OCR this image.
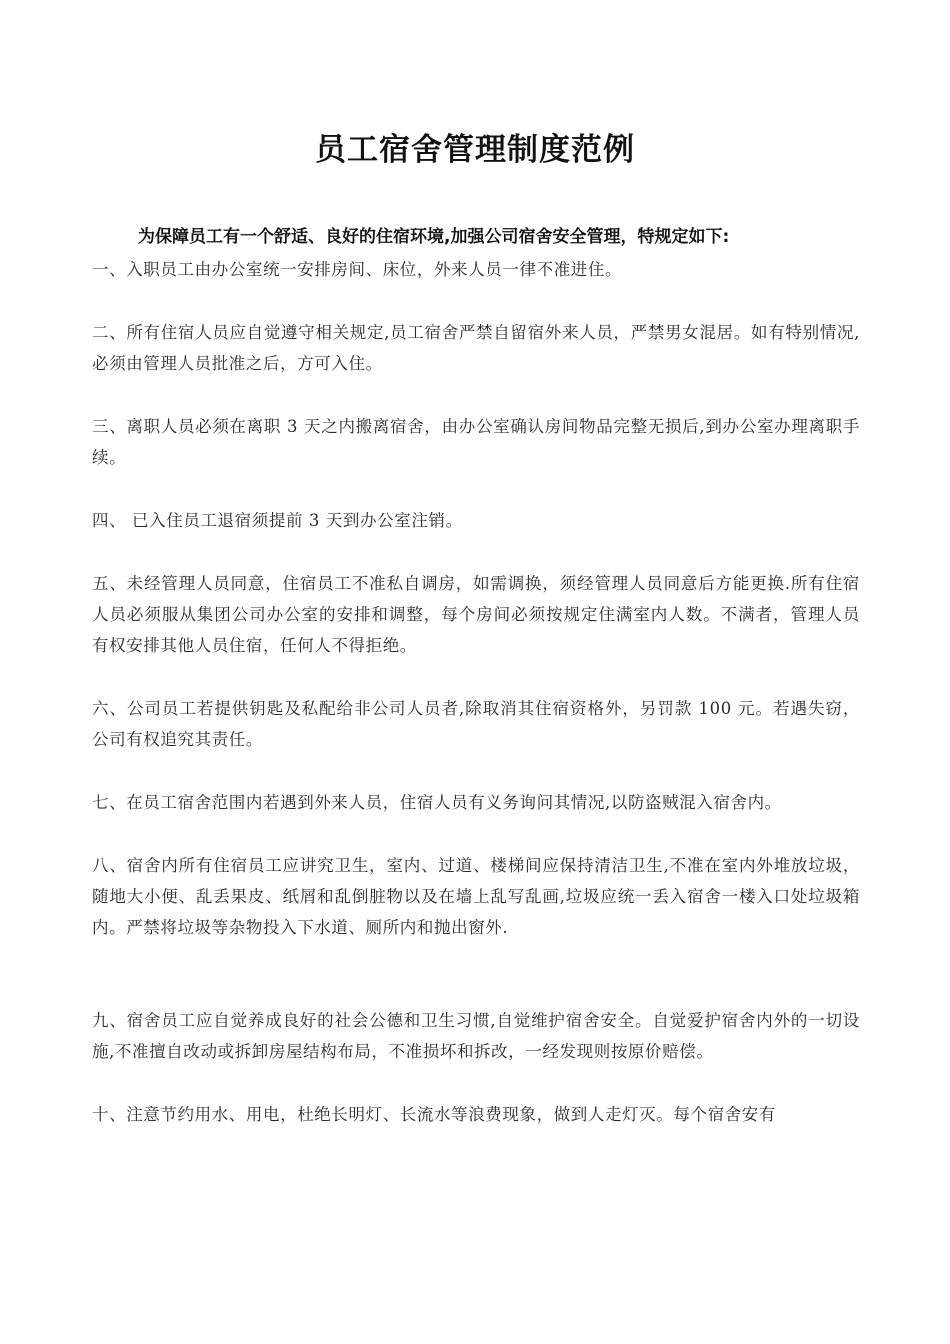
员工宿舍管理制度范例

为保障员工有一个舒适、良好的住宿环境,加强公司宿舍安全管理，特规定如下:

一、入职员工由办公室统一安排房间、床位，外来人员一律不准进住。
二、所有住宿人员应自觉遵守相关规定,员工宿舍严禁自留宿外来人员，严禁男女混居。如有特别情况,必须由管理人员批准之后，方可入住。
三、离职人员必须在离职 3 天之内搬离宿舍，由办公室确认房间物品完整无损后,到办公室办理离职手续。
四、 已入住员工退宿须提前 3 天到办公室注销。
五、未经管理人员同意，住宿员工不准私自调房，如需调换，须经管理人员同意后方能更换.所有住宿人员必须服从集团公司办公室的安排和调整，每个房间必须按规定住满室内人数。不满者，管理人员有权安排其他人员住宿，任何人不得拒绝。
六、公司员工若提供钥匙及私配给非公司人员者,除取消其住宿资格外，另罚款 100 元。若遇失窃，公司有权追究其责任。
七、在员工宿舍范围内若遇到外来人员，住宿人员有义务询问其情况,以防盗贼混入宿舍内。
八、宿舍内所有住宿员工应讲究卫生，室内、过道、楼梯间应保持清洁卫生,不准在室内外堆放垃圾，随地大小便、乱丢果皮、纸屑和乱倒脏物以及在墙上乱写乱画,垃圾应统一丢入宿舍一楼入口处垃圾箱内。严禁将垃圾等杂物投入下水道、厕所内和抛出窗外.
九、宿舍员工应自觉养成良好的社会公德和卫生习惯,自觉维护宿舍安全。自觉爱护宿舍内外的一切设施,不准擅自改动或拆卸房屋结构布局，不准损坏和拆改，一经发现则按原价赔偿。
十、注意节约用水、用电，杜绝长明灯、长流水等浪费现象，做到人走灯灭。每个宿舍安有
